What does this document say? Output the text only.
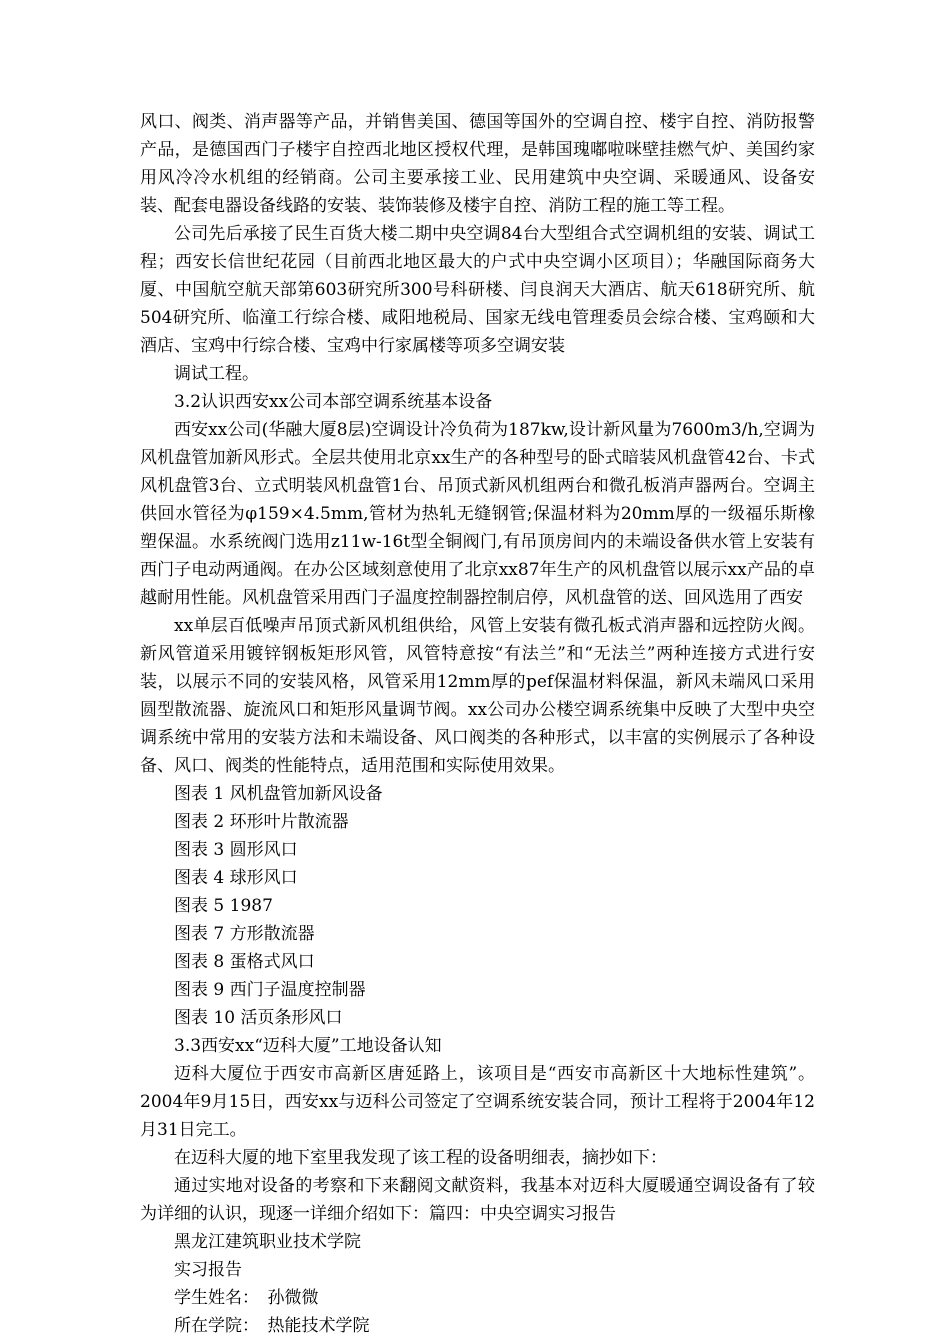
风口、阀类、消声器等产品，并销售美国、德国等国外的空调自控、楼宇自控、消防报警产品，是德国西门子楼宇自控西北地区授权代理，是韩国瑰嘟啦咪壁挂燃气炉、美国约家用风冷冷水机组的经销商。公司主要承接工业、民用建筑中央空调、采暖通风、设备安装、配套电器设备线路的安装、装饰装修及楼宇自控、消防工程的施工等工程。

公司先后承接了民生百货大楼二期中央空调84台大型组合式空调机组的安装、调试工程；西安长信世纪花园（目前西北地区最大的户式中央空调小区项目）；华融国际商务大厦、中国航空航天部第603研究所300号科研楼、闫良润天大酒店、航天618研究所、航504研究所、临潼工行综合楼、咸阳地税局、国家无线电管理委员会综合楼、宝鸡颐和大酒店、宝鸡中行综合楼、宝鸡中行家属楼等项多空调安装

调试工程。

3.2认识西安xx公司本部空调系统基本设备

西安xx公司(华融大厦8层)空调设计冷负荷为187kw,设计新风量为7600m3/h,空调为风机盘管加新风形式。全层共使用北京xx生产的各种型号的卧式暗装风机盘管42台、卡式风机盘管3台、立式明装风机盘管1台、吊顶式新风机组两台和微孔板消声器两台。空调主供回水管径为φ159×4.5mm,管材为热轧无缝钢管;保温材料为20mm厚的一级福乐斯橡塑保温。水系统阀门选用z11w-16t型全铜阀门,有吊顶房间内的未端设备供水管上安装有西门子电动两通阀。在办公区域刻意使用了北京xx87年生产的风机盘管以展示xx产品的卓越耐用性能。风机盘管采用西门子温度控制器控制启停，风机盘管的送、回风选用了西安

xx单层百低噪声吊顶式新风机组供给，风管上安装有微孔板式消声器和远控防火阀。新风管道采用镀锌钢板矩形风管，风管特意按“有法兰”和“无法兰”两种连接方式进行安装，以展示不同的安装风格，风管采用12mm厚的pef保温材料保温，新风未端风口采用圆型散流器、旋流风口和矩形风量调节阀。xx公司办公楼空调系统集中反映了大型中央空调系统中常用的安装方法和未端设备、风口阀类的各种形式，以丰富的实例展示了各种设备、风口、阀类的性能特点，适用范围和实际使用效果。

图表 1 风机盘管加新风设备

图表 2 环形叶片散流器

图表 3 圆形风口

图表 4 球形风口

图表 5 1987

图表 7 方形散流器

图表 8 蛋格式风口

图表 9 西门子温度控制器

图表 10 活页条形风口

3.3西安xx“迈科大厦”工地设备认知

迈科大厦位于西安市高新区唐延路上，该项目是“西安市高新区十大地标性建筑”。2004年9月15日，西安xx与迈科公司签定了空调系统安装合同，预计工程将于2004年12月31日完工。

在迈科大厦的地下室里我发现了该工程的设备明细表，摘抄如下：

通过实地对设备的考察和下来翻阅文献资料，我基本对迈科大厦暖通空调设备有了较为详细的认识，现逐一详细介绍如下：篇四：中央空调实习报告

黑龙江建筑职业技术学院

实习报告

学生姓名：　孙微微

所在学院：　热能技术学院
